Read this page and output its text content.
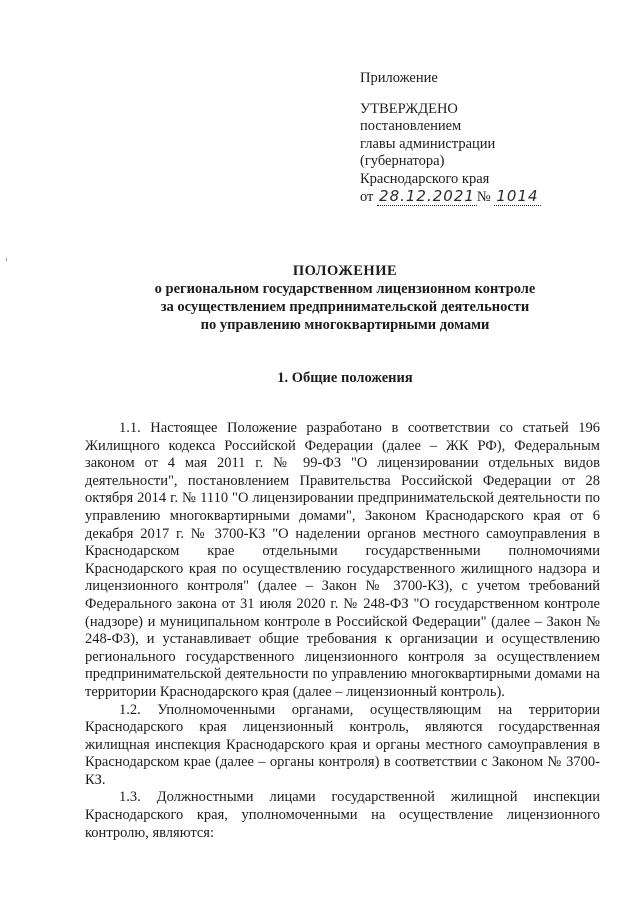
Приложение
УТВЕРЖДЕНО
постановлением
главы администрации
(губернатора)
Краснодарского края
от 28.12.2021 № 1014
ПОЛОЖЕНИЕ
о региональном государственном лицензионном контроле
за осуществлением предпринимательской деятельности
по управлению многоквартирными домами
1. Общие положения

1.1. Настоящее Положение разработано в соответствии со статьей 196 Жилищного кодекса Российской Федерации (далее – ЖК РФ), Федеральным законом от 4 мая 2011 г. № 99-ФЗ "О лицензировании отдельных видов деятельности", постановлением Правительства Российской Федерации от 28 октября 2014 г. № 1110 "О лицензировании предпринимательской деятельности по управлению многоквартирными домами", Законом Краснодарского края от 6 декабря 2017 г. № 3700-КЗ "О наделении органов местного самоуправления в Краснодарском крае отдельными государственными полномочиями Краснодарского края по осуществлению государственного жилищного надзора и лицензионного контроля" (далее – Закон № 3700-КЗ), с учетом требований Федерального закона от 31 июля 2020 г. № 248-ФЗ "О государственном контроле (надзоре) и муниципальном контроле в Российской Федерации" (далее – Закон № 248-ФЗ), и устанавливает общие требования к организации и осуществлению регионального государственного лицензионного контроля за осуществлением предпринимательской деятельности по управлению многоквартирными домами на территории Краснодарского края (далее – лицензионный контроль).

1.2. Уполномоченными органами, осуществляющим на территории Краснодарского края лицензионный контроль, являются государственная жилищная инспекция Краснодарского края и органы местного самоуправления в Краснодарском крае (далее – органы контроля) в соответствии с Законом № 3700-КЗ.

1.3. Должностными лицами государственной жилищной инспекции Краснодарского края, уполномоченными на осуществление лицензионного контролю, являются:
